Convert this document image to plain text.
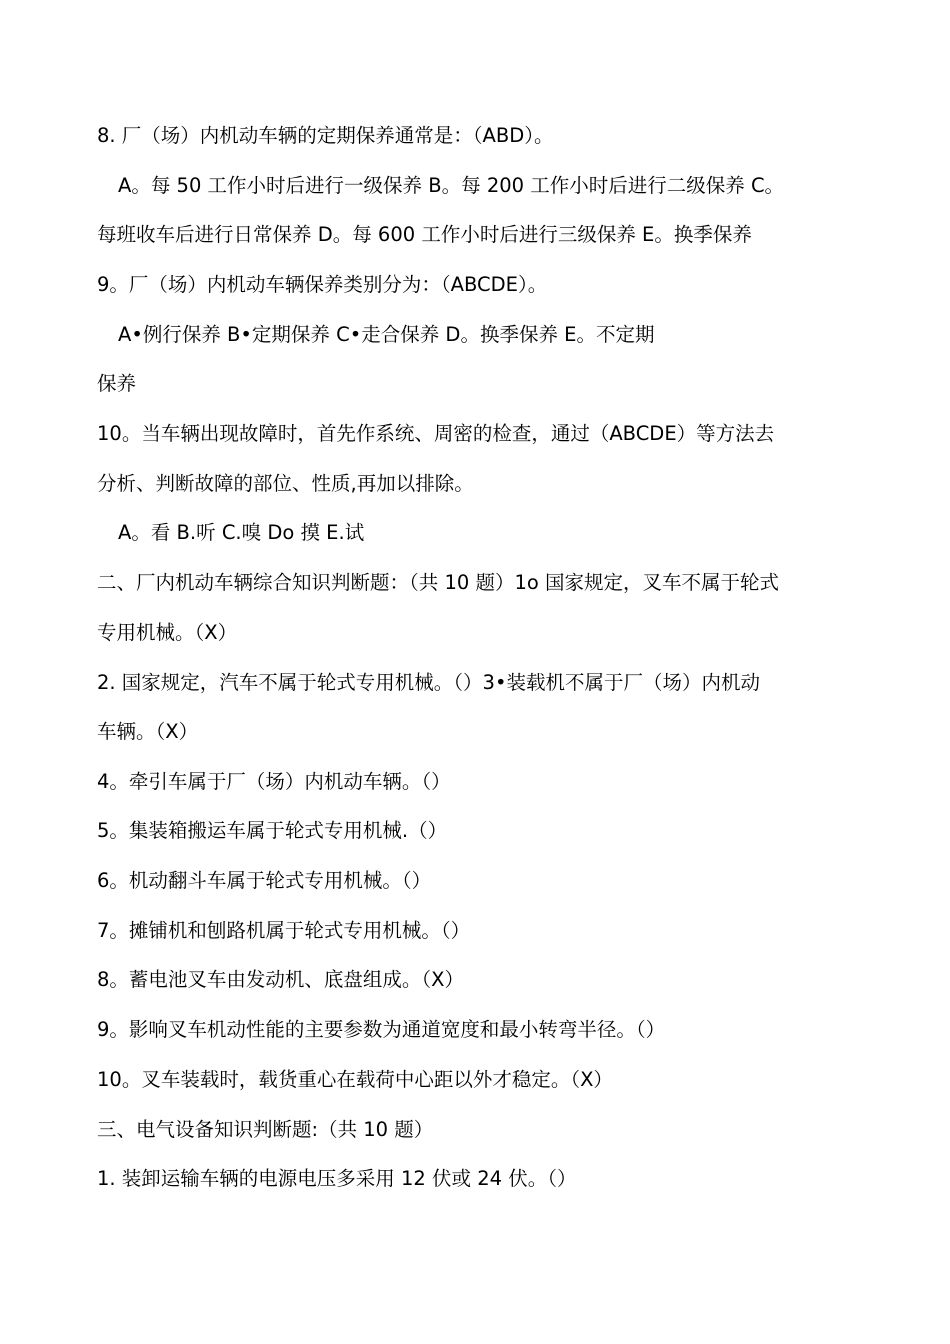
8. 厂（场）内机动车辆的定期保养通常是：（ABD）。

A。每 50 工作小时后进行一级保养 B。每 200 工作小时后进行二级保养 C。

每班收车后进行日常保养 D。每 600 工作小时后进行三级保养 E。换季保养

9。厂（场）内机动车辆保养类别分为：（ABCDE）。

A•例行保养 B•定期保养 C•走合保养 D。换季保养 E。不定期

保养

10。当车辆出现故障时，首先作系统、周密的检查，通过（ABCDE）等方法去

分析、判断故障的部位、性质,再加以排除。

A。看 B.听 C.嗅 Do 摸 E.试

二、厂内机动车辆综合知识判断题：（共 10 题）1o 国家规定，叉车不属于轮式

专用机械。（X）

2. 国家规定，汽车不属于轮式专用机械。（）3•装载机不属于厂（场）内机动

车辆。（X）

4。牵引车属于厂（场）内机动车辆。（）

5。集装箱搬运车属于轮式专用机械.（）

6。机动翻斗车属于轮式专用机械。（）

7。摊铺机和刨路机属于轮式专用机械。（）

8。蓄电池叉车由发动机、底盘组成。（X）

9。影响叉车机动性能的主要参数为通道宽度和最小转弯半径。（）

10。叉车装载时，载货重心在载荷中心距以外才稳定。（X）

三、电气设备知识判断题:（共 10 题）

1. 装卸运输车辆的电源电压多采用 12 伏或 24 伏。（）
